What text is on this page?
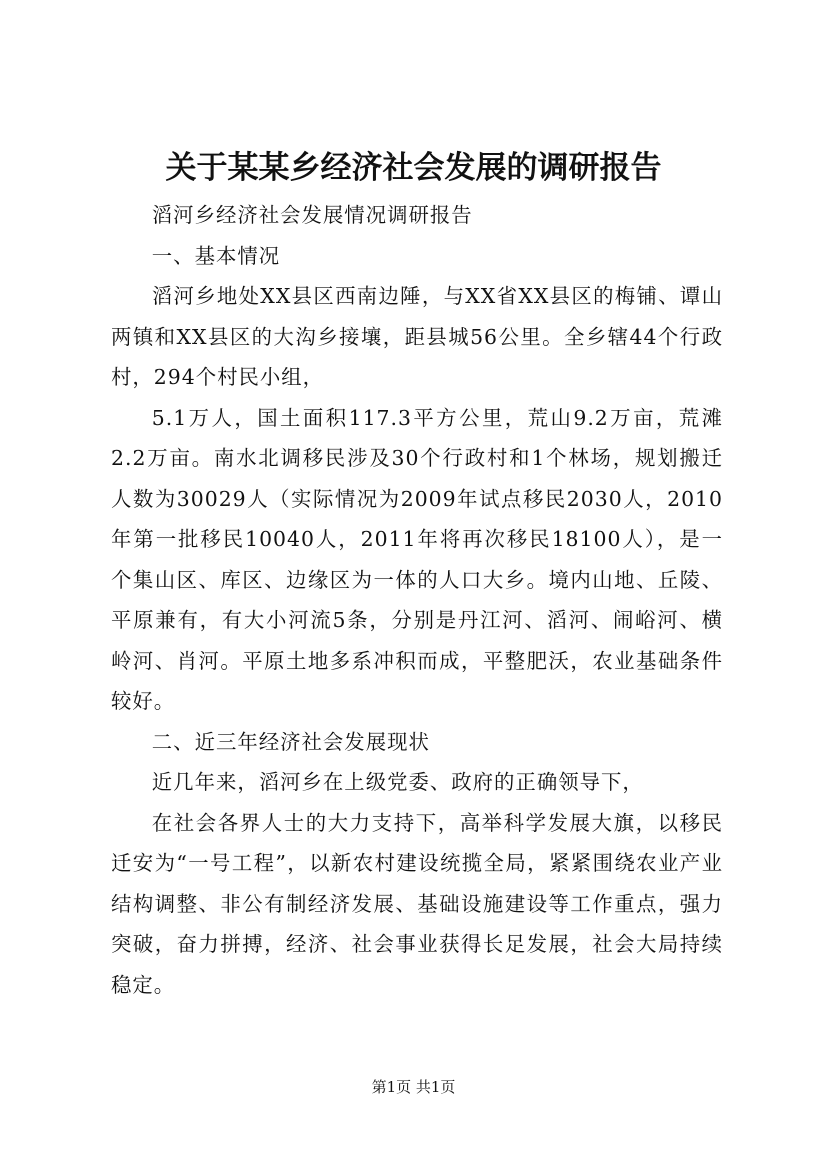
关于某某乡经济社会发展的调研报告

滔河乡经济社会发展情况调研报告

一、基本情况

滔河乡地处XX县区西南边陲，与XX省XX县区的梅铺、谭山两镇和XX县区的大沟乡接壤，距县城56公里。全乡辖44个行政村，294个村民小组，

5.1万人，国土面积117.3平方公里，荒山9.2万亩，荒滩2.2万亩。南水北调移民涉及30个行政村和1个林场，规划搬迁人数为30029人（实际情况为2009年试点移民2030人，2010年第一批移民10040人，2011年将再次移民18100人），是一个集山区、库区、边缘区为一体的人口大乡。境内山地、丘陵、平原兼有，有大小河流5条，分别是丹江河、滔河、闹峪河、横岭河、肖河。平原土地多系冲积而成，平整肥沃，农业基础条件较好。

二、近三年经济社会发展现状

近几年来，滔河乡在上级党委、政府的正确领导下，

在社会各界人士的大力支持下，高举科学发展大旗，以移民迁安为“一号工程”，以新农村建设统揽全局，紧紧围绕农业产业结构调整、非公有制经济发展、基础设施建设等工作重点，强力突破，奋力拼搏，经济、社会事业获得长足发展，社会大局持续稳定。

第1页 共1页
